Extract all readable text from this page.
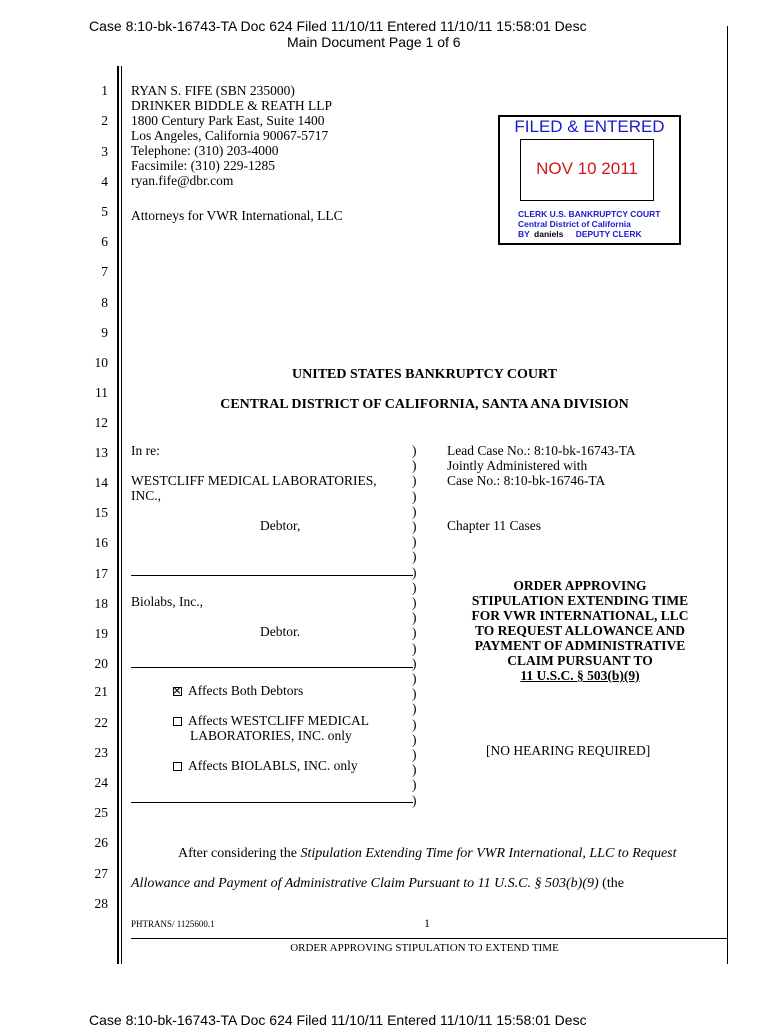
Case 8:10-bk-16743-TA Doc 624 Filed 11/10/11 Entered 11/10/11 15:58:01 Desc
Main Document Page 1 of 6
1
2
3
4
5
6
7
8
9
10
11
12
13
14
15
16
17
18
19
20
21
22
23
24
25
26
27
28
RYAN S. FIFE (SBN 235000)
DRINKER BIDDLE & REATH LLP
1800 Century Park East, Suite 1400
Los Angeles, California 90067-5717
Telephone: (310) 203-4000
Facsimile: (310) 229-1285
ryan.fife@dbr.com
Attorneys for VWR International, LLC
FILED & ENTERED
NOV 10 2011
CLERK U.S. BANKRUPTCY COURT
Central District of California
BY daniels DEPUTY CLERK
UNITED STATES BANKRUPTCY COURT
CENTRAL DISTRICT OF CALIFORNIA, SANTA ANA DIVISION
In re:
WESTCLIFF MEDICAL LABORATORIES,
INC.,
Debtor,
Biolabs, Inc.,
Debtor.
Affects Both Debtors
Affects WESTCLIFF MEDICAL
LABORATORIES, INC. only
Affects BIOLABLS, INC. only
)
)
)
)
)
)
)
)
)
)
)
)
)
)
)
)
)
)
)
)
)
)
)
)
Lead Case No.: 8:10-bk-16743-TA
Jointly Administered with
Case No.: 8:10-bk-16746-TA
Chapter 11 Cases
ORDER APPROVING
STIPULATION EXTENDING TIME
FOR VWR INTERNATIONAL, LLC
TO REQUEST ALLOWANCE AND
PAYMENT OF ADMINISTRATIVE
CLAIM PURSUANT TO
11 U.S.C. § 503(b)(9)
[NO HEARING REQUIRED]
After considering the Stipulation Extending Time for VWR International, LLC to Request
Allowance and Payment of Administrative Claim Pursuant to 11 U.S.C. § 503(b)(9) (the
PHTRANS/ 1125600.1	1
ORDER APPROVING STIPULATION TO EXTEND TIME
Case 8:10-bk-16743-TA Doc 624 Filed 11/10/11 Entered 11/10/11 15:58:01 Desc
